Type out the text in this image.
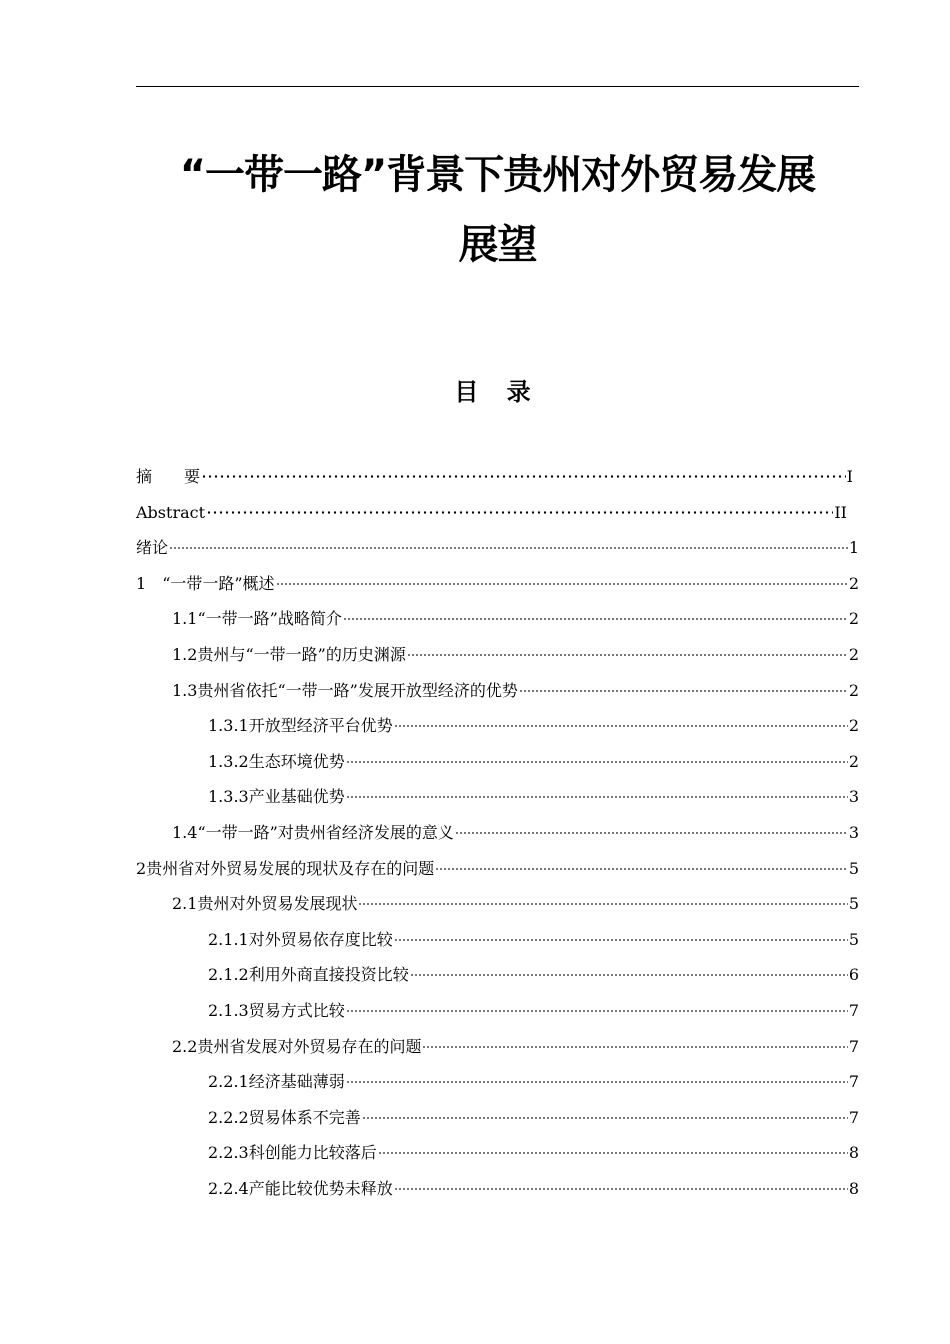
“一带一路”背景下贵州对外贸易发展
展望
目 录
摘　　要	I
Abstract	II
绪论	1
1　 “一带一路”概述	2
1.1 “一带一路”战略简介	2
1.2 贵州与“一带一路”的历史渊源	2
1.3 贵州省依托“一带一路”发展开放型经济的优势	2
1.3.1 开放型经济平台优势	2
1.3.2 生态环境优势	2
1.3.3 产业基础优势	3
1.4 “一带一路”对贵州省经济发展的意义	3
2 贵州省对外贸易发展的现状及存在的问题	5
2.1 贵州对外贸易发展现状	5
2.1.1 对外贸易依存度比较	5
2.1.2 利用外商直接投资比较	6
2.1.3 贸易方式比较	7
2.2 贵州省发展对外贸易存在的问题	7
2.2.1 经济基础薄弱	7
2.2.2 贸易体系不完善	7
2.2.3 科创能力比较落后	8
2.2.4 产能比较优势未释放	8
